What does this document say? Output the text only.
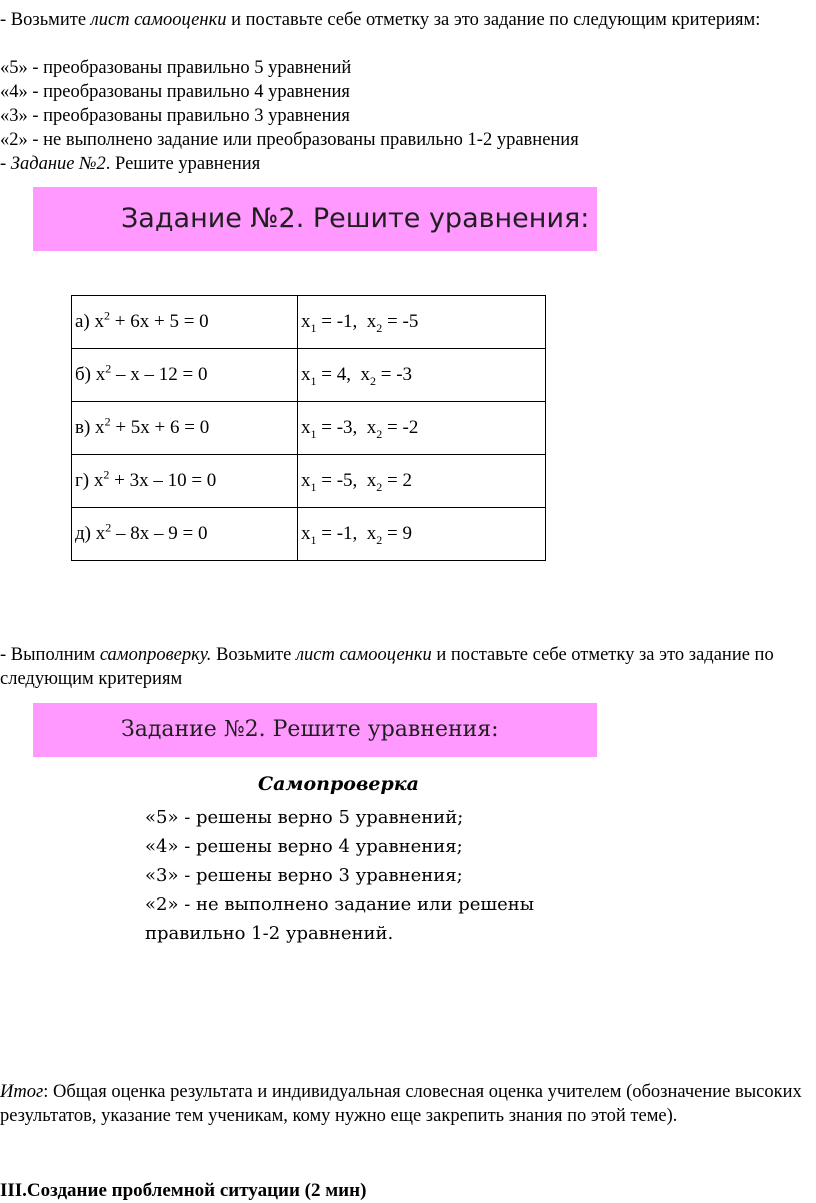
- Возьмите лист самооценки и поставьте себе отметку за это задание по следующим критериям:

«5» - преобразованы правильно 5 уравнений
«4» - преобразованы правильно 4 уравнения
«3» - преобразованы правильно 3 уравнения
«2» - не выполнено задание или преобразованы правильно 1-2 уравнения
- Задание №2. Решите уравнения
Задание №2. Решите уравнения:
а) $х^2 + 6х + 5 = 0$	$х_1 = -1$, $х_2 = -5$
б) $х^2 - х - 12 = 0$	$х_1 = 4$, $х_2 = -3$
в) $х^2 + 5х + 6 = 0$	$х_1 = -3$, $х_2 = -2$
г) $х^2 + 3х - 10 = 0$	$х_1 = -5$, $х_2 = 2$
д) $х^2 - 8х - 9 = 0$	$х_1 = -1$, $х_2 = 9$

- Выполним самопроверку. Возьмите лист самооценки и поставьте себе отметку за это задание по следующим критериям

Задание №2. Решите уравнения:
Самопроверка
«5» - решены верно 5 уравнений;
«4» - решены верно 4 уравнения;
«3» - решены верно 3 уравнения;
«2» - не выполнено задание или решены правильно 1-2 уравнений.

Итог: Общая оценка результата и индивидуальная словесная оценка учителем (обозначение высоких результатов, указание тем ученикам, кому нужно еще закрепить знания по этой теме).

III.Создание проблемной ситуации (2 мин)
